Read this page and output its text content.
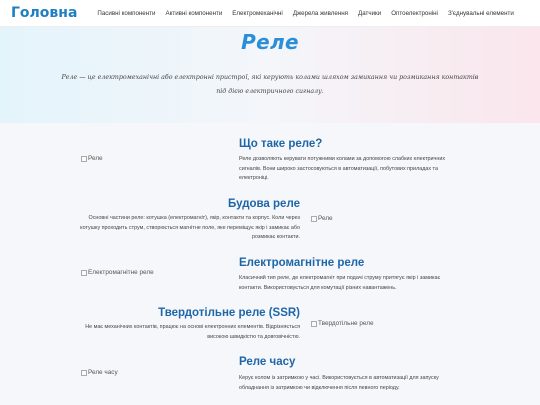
Головна	Пасивні компоненти Активні компоненти Електромеханічні Джерела живлення Датчики Оптоелектроніні З'єднувальні елементи
Реле
Реле — це електромеханічні або електронні пристрої, які керують колами шляхом замикання чи розмикання контактів під дією електричного сигналу.
Реле
Що таке реле?

Реле дозволяють керувати потужними колами за допомогою слабких електричних сигналів. Вони широко застосовуються в автоматизації, побутових приладах та електроніці.

Будова реле

Основні частини реле: котушка (електромагніт), якір, контакти та корпус. Коли через котушку проходить струм, створюється магнітне поле, яке переміщує якір і замикає або розмикає контакти.

Реле
Електромагнітне реле
Електромагнітне реле

Класичний тип реле, де електромагніт при подачі струму притягує якір і замикає контакти. Використовується для комутації різних навантажень.

Твердотільне реле (SSR)

Не має механічних контактів, працює на основі електронних елементів. Відрізняється високою швидкістю та довговічністю.

Твердотільне реле
Реле часу
Реле часу

Керує колом із затримкою у часі. Використовується в автоматизації для запуску обладнання із затримкою чи відключення після певного періоду.
